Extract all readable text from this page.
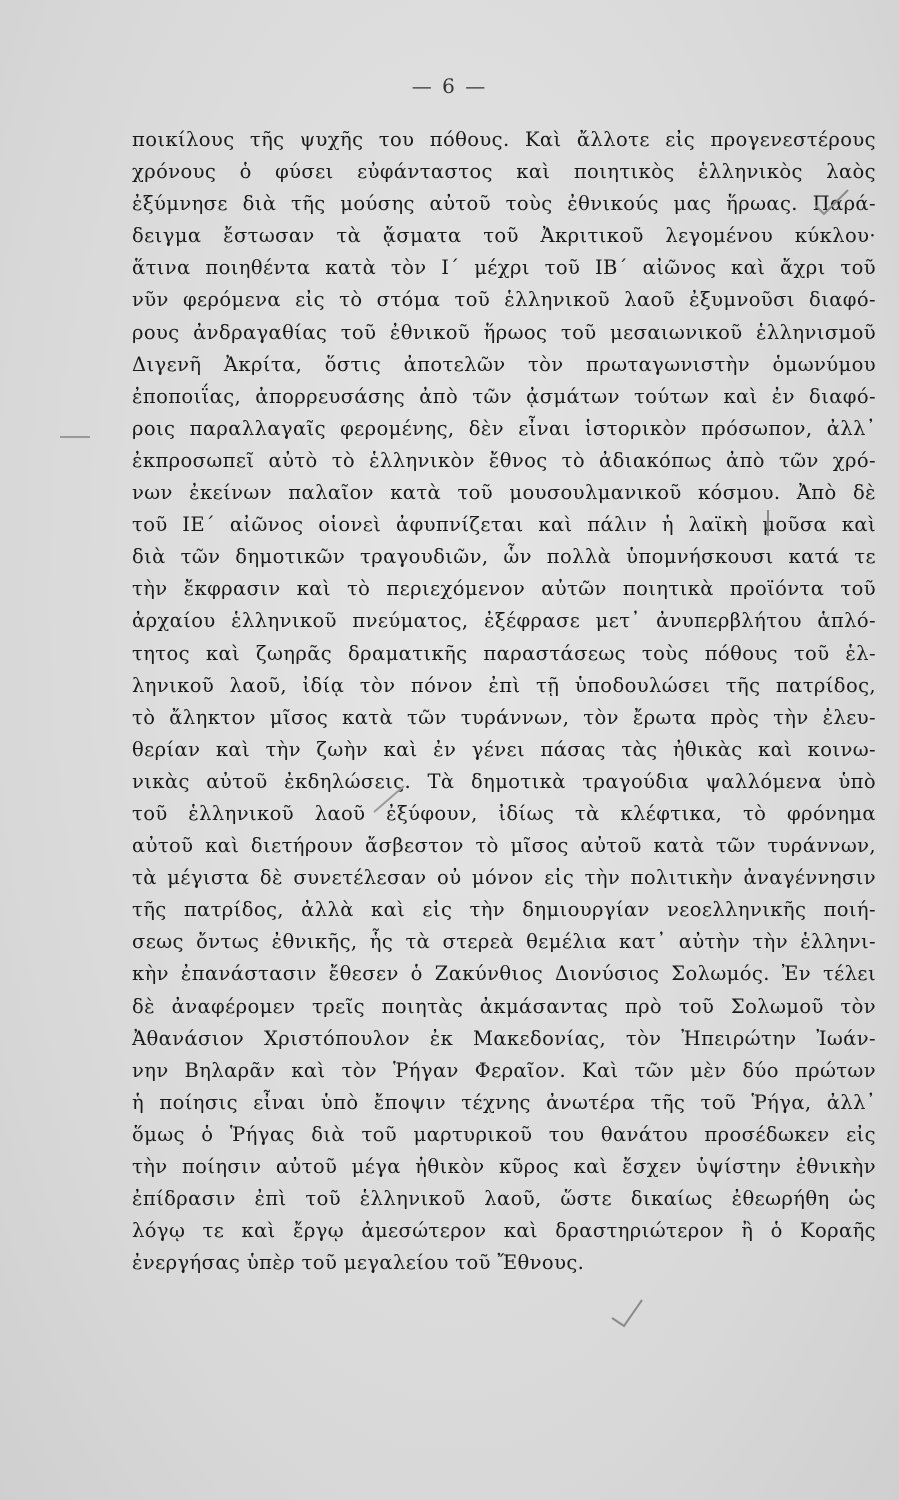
— 6 —
ποικίλους τῆς ψυχῆς του πόθους. Καὶ ἄλλοτε εἰς προγενεστέρους
χρόνους ὁ φύσει εὐφάνταστος καὶ ποιητικὸς ἑλληνικὸς λαὸς
ἐξύμνησε διὰ τῆς μούσης αὐτοῦ τοὺς ἐθνικούς μας ἥρωας. Παρά-
δειγμα ἔστωσαν τὰ ᾄσματα τοῦ Ἀκριτικοῦ λεγομένου κύκλου·
ἅτινα ποιηθέντα κατὰ τὸν Ι΄ μέχρι τοῦ ΙΒ΄ αἰῶνος καὶ ἄχρι τοῦ
νῦν φερόμενα εἰς τὸ στόμα τοῦ ἑλληνικοῦ λαοῦ ἐξυμνοῦσι διαφό-
ρους ἀνδραγαθίας τοῦ ἐθνικοῦ ἥρωος τοῦ μεσαιωνικοῦ ἑλληνισμοῦ
Διγενῆ Ἀκρίτα, ὅστις ἀποτελῶν τὸν πρωταγωνιστὴν ὁμωνύμου
ἐποποιΐας, ἀπορρευσάσης ἀπὸ τῶν ᾀσμάτων τούτων καὶ ἐν διαφό-
ροις παραλλαγαῖς φερομένης, δὲν εἶναι ἱστορικὸν πρόσωπον, ἀλλ᾽
ἐκπροσωπεῖ αὐτὸ τὸ ἑλληνικὸν ἔθνος τὸ ἀδιακόπως ἀπὸ τῶν χρό-
νων ἐκείνων παλαῖον κατὰ τοῦ μουσουλμανικοῦ κόσμου. Ἀπὸ δὲ
τοῦ ΙΕ΄ αἰῶνος οἱονεὶ ἀφυπνίζεται καὶ πάλιν ἡ λαϊκὴ μοῦσα καὶ
διὰ τῶν δημοτικῶν τραγουδιῶν, ὧν πολλὰ ὑπομνήσκουσι κατά τε
τὴν ἔκφρασιν καὶ τὸ περιεχόμενον αὐτῶν ποιητικὰ προϊόντα τοῦ
ἀρχαίου ἑλληνικοῦ πνεύματος, ἐξέφρασε μετ᾽ ἀνυπερβλήτου ἁπλό-
τητος καὶ ζωηρᾶς δραματικῆς παραστάσεως τοὺς πόθους τοῦ ἑλ-
ληνικοῦ λαοῦ, ἰδίᾳ τὸν πόνον ἐπὶ τῇ ὑποδουλώσει τῆς πατρίδος,
τὸ ἄληκτον μῖσος κατὰ τῶν τυράννων, τὸν ἔρωτα πρὸς τὴν ἐλευ-
θερίαν καὶ τὴν ζωὴν καὶ ἐν γένει πάσας τὰς ἠθικὰς καὶ κοινω-
νικὰς αὐτοῦ ἐκδηλώσεις. Τὰ δημοτικὰ τραγούδια ψαλλόμενα ὑπὸ
τοῦ ἑλληνικοῦ λαοῦ ἐξύφουν, ἰδίως τὰ κλέφτικα, τὸ φρόνημα
αὐτοῦ καὶ διετήρουν ἄσβεστον τὸ μῖσος αὐτοῦ κατὰ τῶν τυράννων,
τὰ μέγιστα δὲ συνετέλεσαν οὐ μόνον εἰς τὴν πολιτικὴν ἀναγέννησιν
τῆς πατρίδος, ἀλλὰ καὶ εἰς τὴν δημιουργίαν νεοελληνικῆς ποιή-
σεως ὄντως ἐθνικῆς, ἧς τὰ στερεὰ θεμέλια κατ᾽ αὐτὴν τὴν ἑλληνι-
κὴν ἐπανάστασιν ἔθεσεν ὁ Ζακύνθιος Διονύσιος Σολωμός. Ἐν τέλει
δὲ ἀναφέρομεν τρεῖς ποιητὰς ἀκμάσαντας πρὸ τοῦ Σολωμοῦ τὸν
Ἀθανάσιον Χριστόπουλον ἐκ Μακεδονίας, τὸν Ἠπειρώτην Ἰωάν-
νην Βηλαρᾶν καὶ τὸν Ῥήγαν Φεραῖον. Καὶ τῶν μὲν δύο πρώτων
ἡ ποίησις εἶναι ὑπὸ ἔποψιν τέχνης ἀνωτέρα τῆς τοῦ Ῥήγα, ἀλλ᾽
ὅμως ὁ Ῥήγας διὰ τοῦ μαρτυρικοῦ του θανάτου προσέδωκεν εἰς
τὴν ποίησιν αὐτοῦ μέγα ἠθικὸν κῦρος καὶ ἔσχεν ὑψίστην ἐθνικὴν
ἐπίδρασιν ἐπὶ τοῦ ἑλληνικοῦ λαοῦ, ὥστε δικαίως ἐθεωρήθη ὡς
λόγῳ τε καὶ ἔργῳ ἀμεσώτερον καὶ δραστηριώτερον ἢ ὁ Κοραῆς
ἐνεργήσας ὑπὲρ τοῦ μεγαλείου τοῦ Ἔθνους.
